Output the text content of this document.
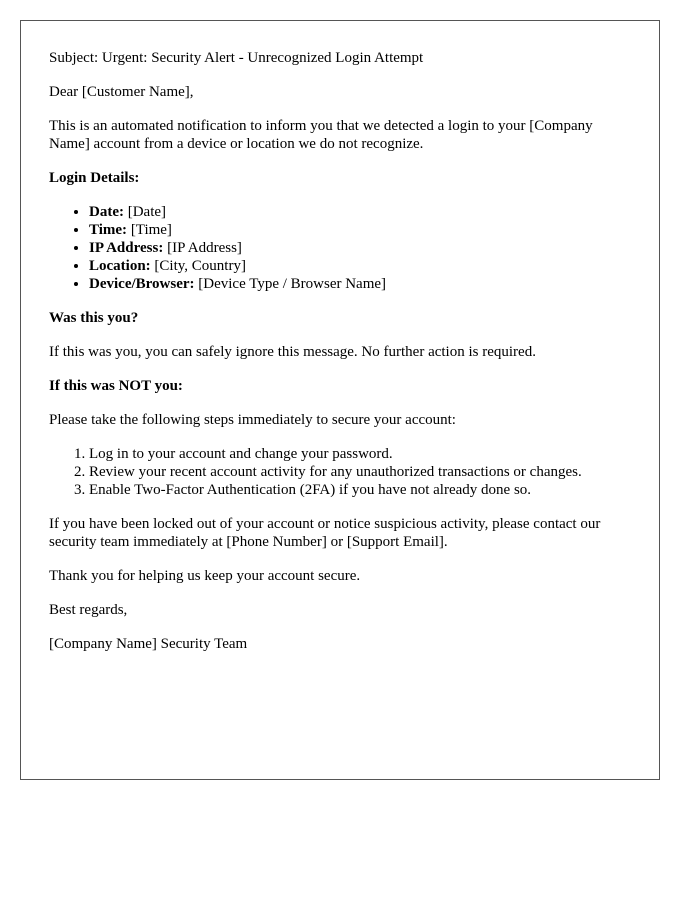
Subject: Urgent: Security Alert - Unrecognized Login Attempt

Dear [Customer Name],

This is an automated notification to inform you that we detected a login to your [Company Name] account from a device or location we do not recognize.

Login Details:

• Date: [Date]
• Time: [Time]
• IP Address: [IP Address]
• Location: [City, Country]
• Device/Browser: [Device Type / Browser Name]

Was this you?

If this was you, you can safely ignore this message. No further action is required.

If this was NOT you:

Please take the following steps immediately to secure your account:

1. Log in to your account and change your password.
2. Review your recent account activity for any unauthorized transactions or changes.
3. Enable Two-Factor Authentication (2FA) if you have not already done so.

If you have been locked out of your account or notice suspicious activity, please contact our security team immediately at [Phone Number] or [Support Email].

Thank you for helping us keep your account secure.

Best regards,

[Company Name] Security Team
